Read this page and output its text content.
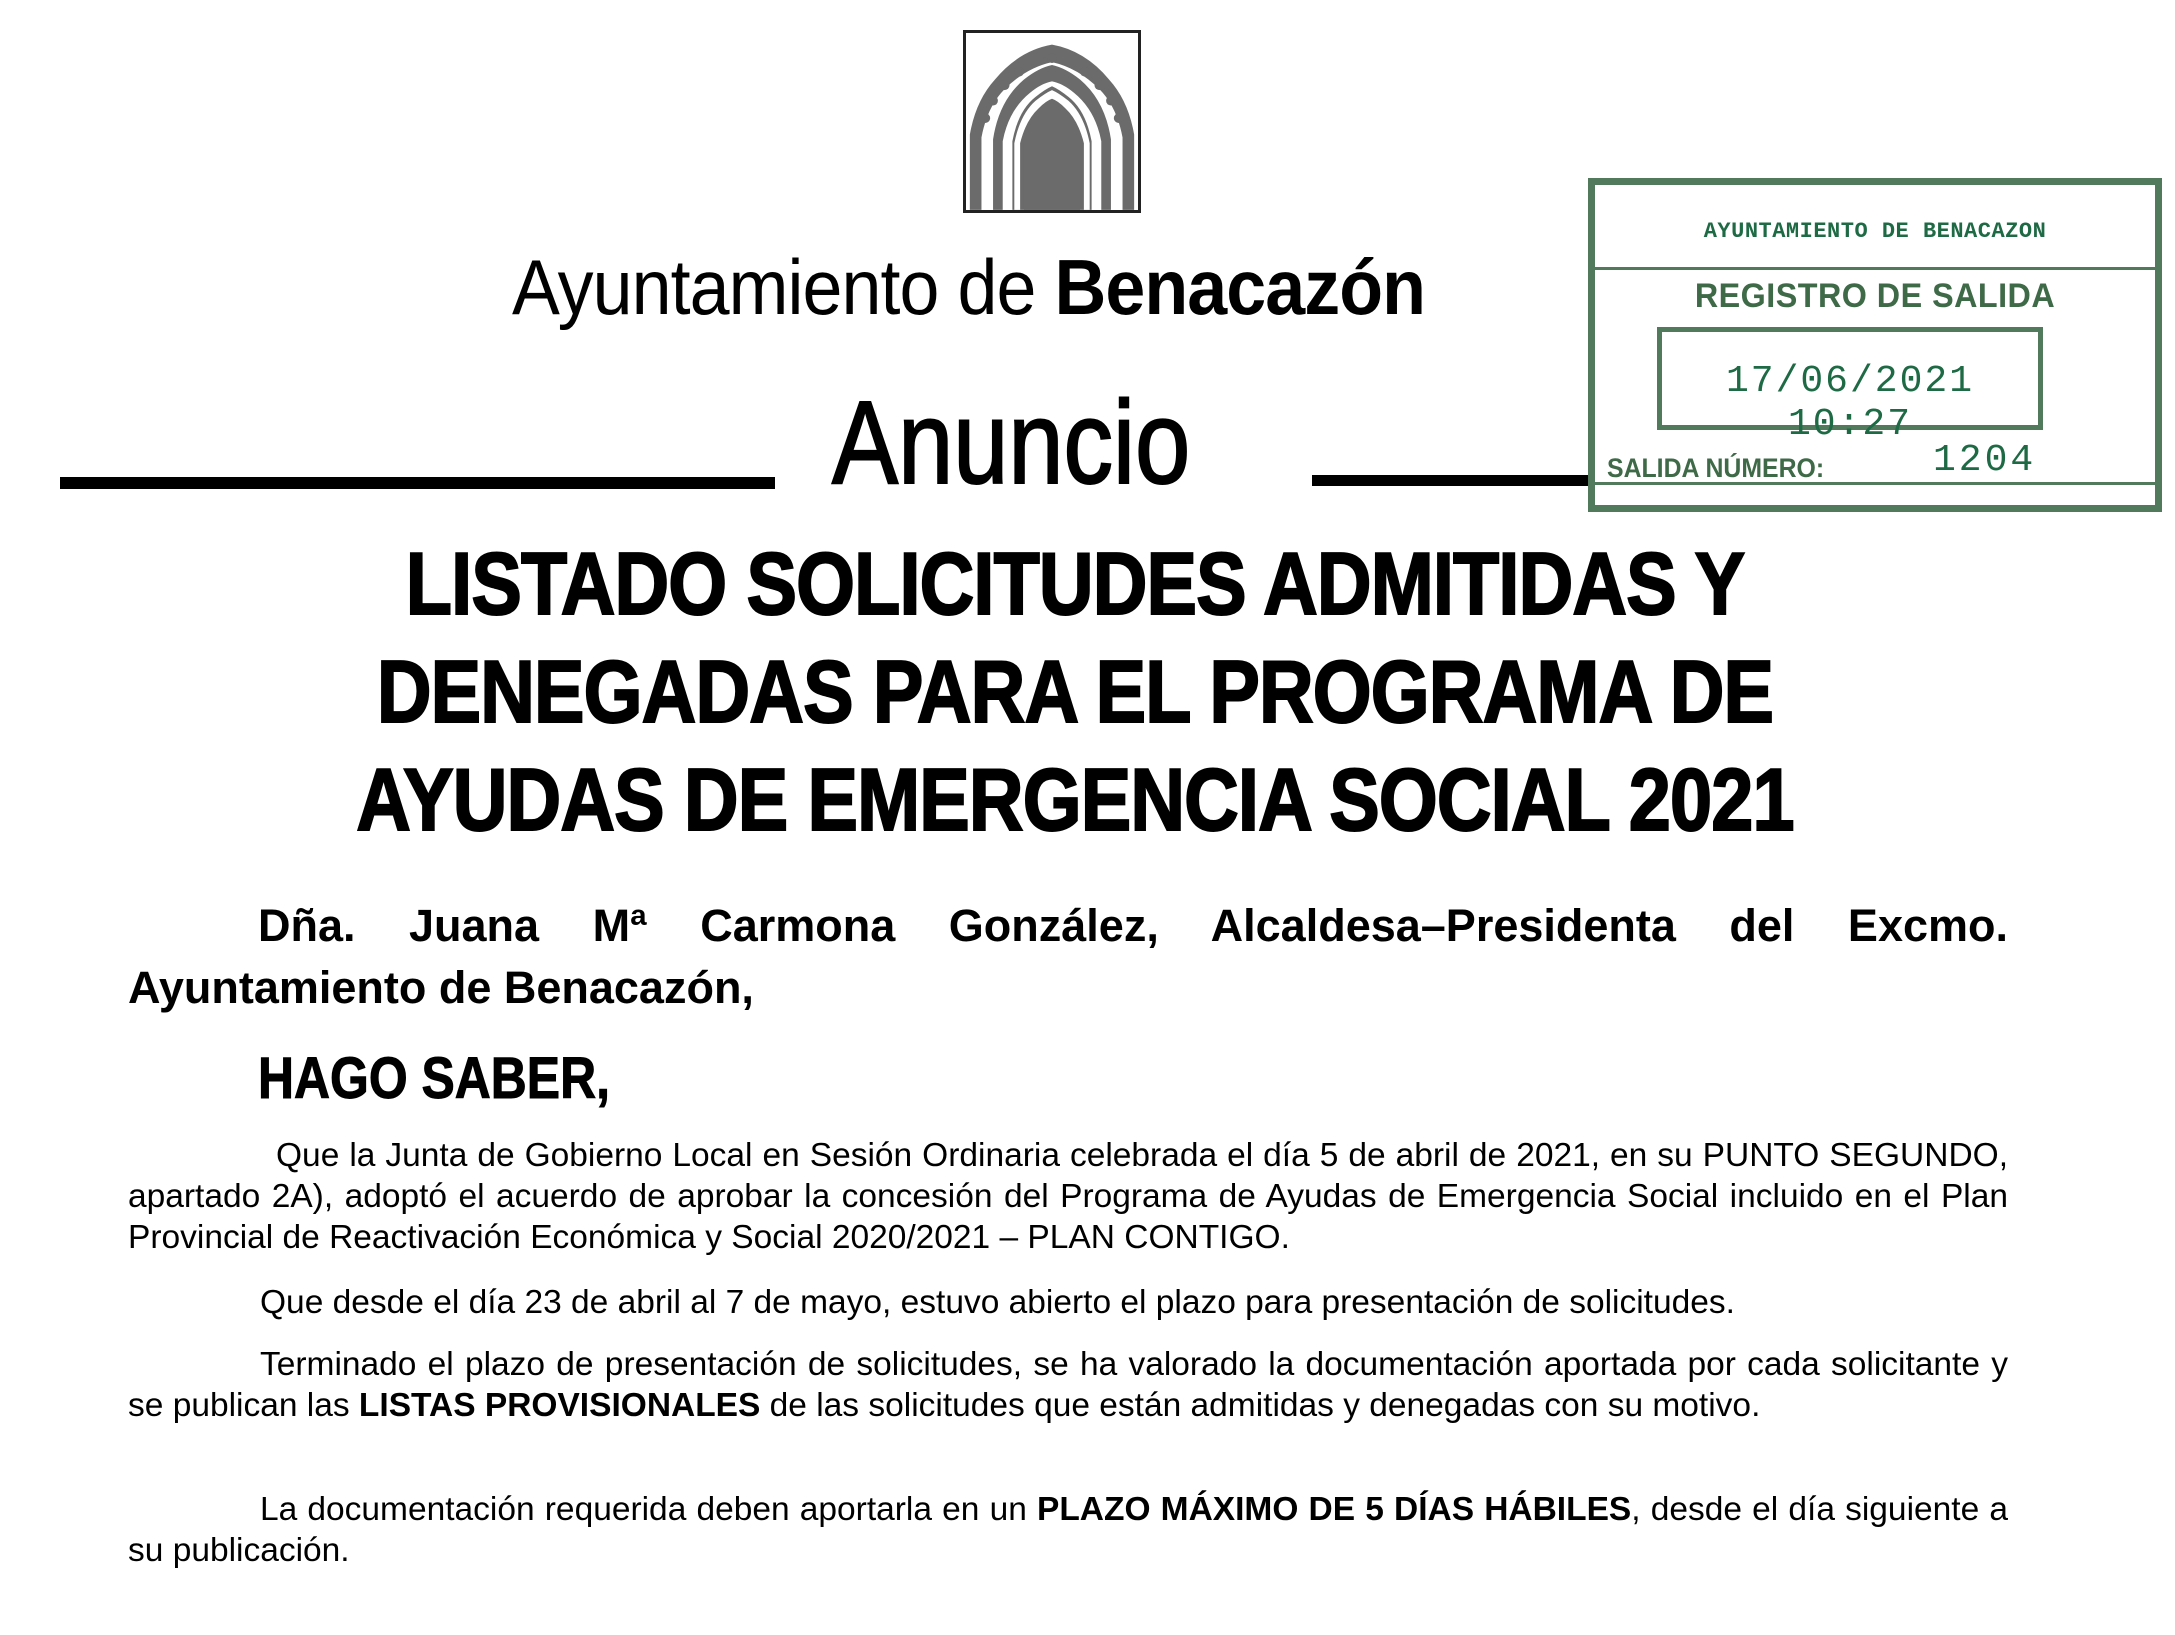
Ayuntamiento de Benacazón
Anuncio
AYUNTAMIENTO DE BENACAZON
REGISTRO DE SALIDA
17/06/2021 10:27
SALIDA NÚMERO:	1204
LISTADO SOLICITUDES ADMITIDAS Y
DENEGADAS PARA EL PROGRAMA DE
AYUDAS DE EMERGENCIA SOCIAL 2021
Dña. Juana Mª Carmona González, Alcaldesa–Presidenta del Excmo.
Ayuntamiento de Benacazón,
HAGO SABER,
Que la Junta de Gobierno Local en Sesión Ordinaria celebrada el día 5 de abril de 2021, en su PUNTO SEGUNDO, apartado 2A), adoptó el acuerdo de aprobar la concesión del Programa de Ayudas de Emergencia Social incluido en el Plan Provincial de Reactivación Económica y Social 2020/2021 – PLAN CONTIGO.
Que desde el día 23 de abril al 7 de mayo, estuvo abierto el plazo para presentación de solicitudes.
Terminado el plazo de presentación de solicitudes, se ha valorado la documentación aportada por cada solicitante y se publican las LISTAS PROVISIONALES de las solicitudes que están admitidas y denegadas con su motivo.
La documentación requerida deben aportarla en un PLAZO MÁXIMO DE 5 DÍAS HÁBILES, desde el día siguiente a su publicación.
